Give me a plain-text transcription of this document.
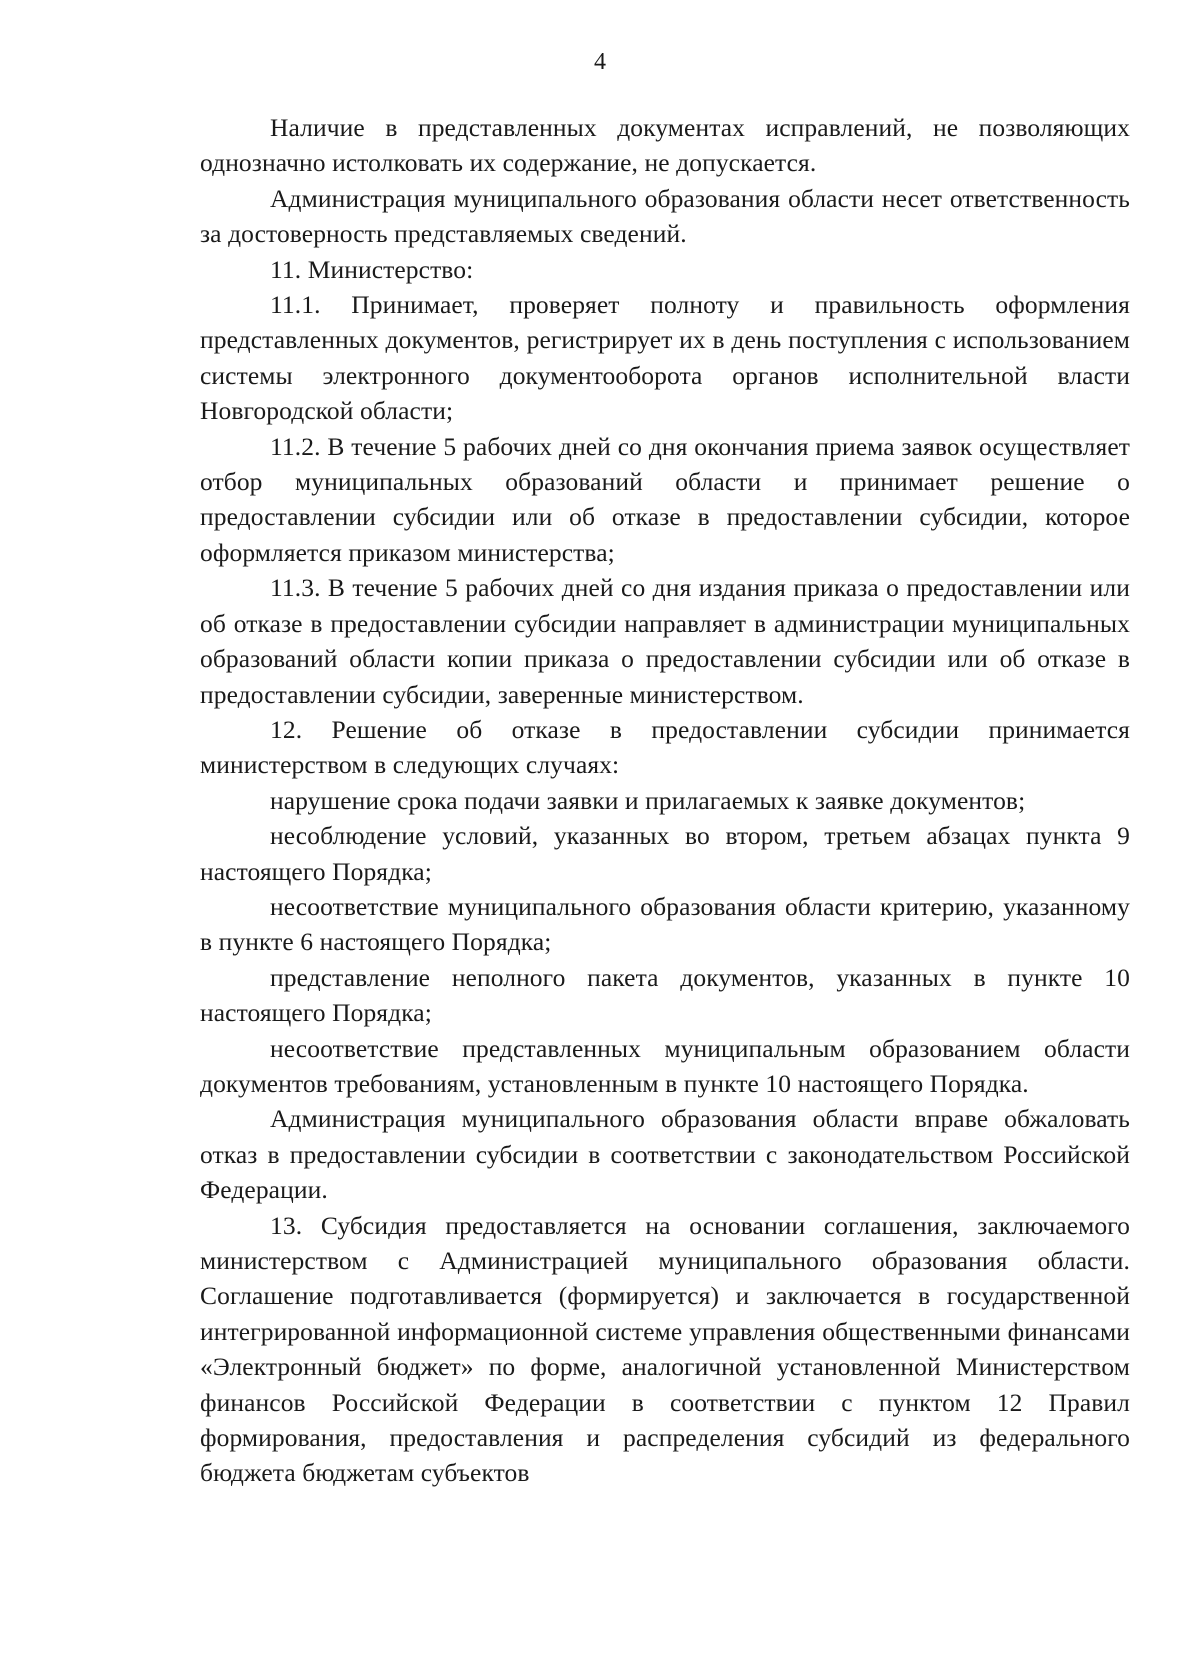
4

Наличие в представленных документах исправлений, не позволяющих однозначно истолковать их содержание, не допускается.

Администрация муниципального образования области несет ответственность за достоверность представляемых сведений.

11. Министерство:

11.1. Принимает, проверяет полноту и правильность оформления представленных документов, регистрирует их в день поступления с использованием системы электронного документооборота органов исполнительной власти Новгородской области;

11.2. В течение 5 рабочих дней со дня окончания приема заявок осуществляет отбор муниципальных образований области и принимает решение о предоставлении субсидии или об отказе в предоставлении субсидии, которое оформляется приказом министерства;

11.3. В течение 5 рабочих дней со дня издания приказа о предоставлении или об отказе в предоставлении субсидии направляет в администрации муниципальных образований области копии приказа о предоставлении субсидии или об отказе в предоставлении субсидии, заверенные министерством.

12. Решение об отказе в предоставлении субсидии принимается министерством в следующих случаях:

нарушение срока подачи заявки и прилагаемых к заявке документов;

несоблюдение условий, указанных во втором, третьем абзацах пункта 9 настоящего Порядка;

несоответствие муниципального образования области критерию, указанному в пункте 6 настоящего Порядка;

представление неполного пакета документов, указанных в пункте 10 настоящего Порядка;

несоответствие представленных муниципальным образованием области документов требованиям, установленным в пункте 10 настоящего Порядка.

Администрация муниципального образования области вправе обжаловать отказ в предоставлении субсидии в соответствии с законодательством Российской Федерации.

13. Субсидия предоставляется на основании соглашения, заключаемого министерством с Администрацией муниципального образования области. Соглашение подготавливается (формируется) и заключается в государственной интегрированной информационной системе управления общественными финансами «Электронный бюджет» по форме, аналогичной установленной Министерством финансов Российской Федерации в соответствии с пунктом 12 Правил формирования, предоставления и распределения субсидий из федерального бюджета бюджетам субъектов
